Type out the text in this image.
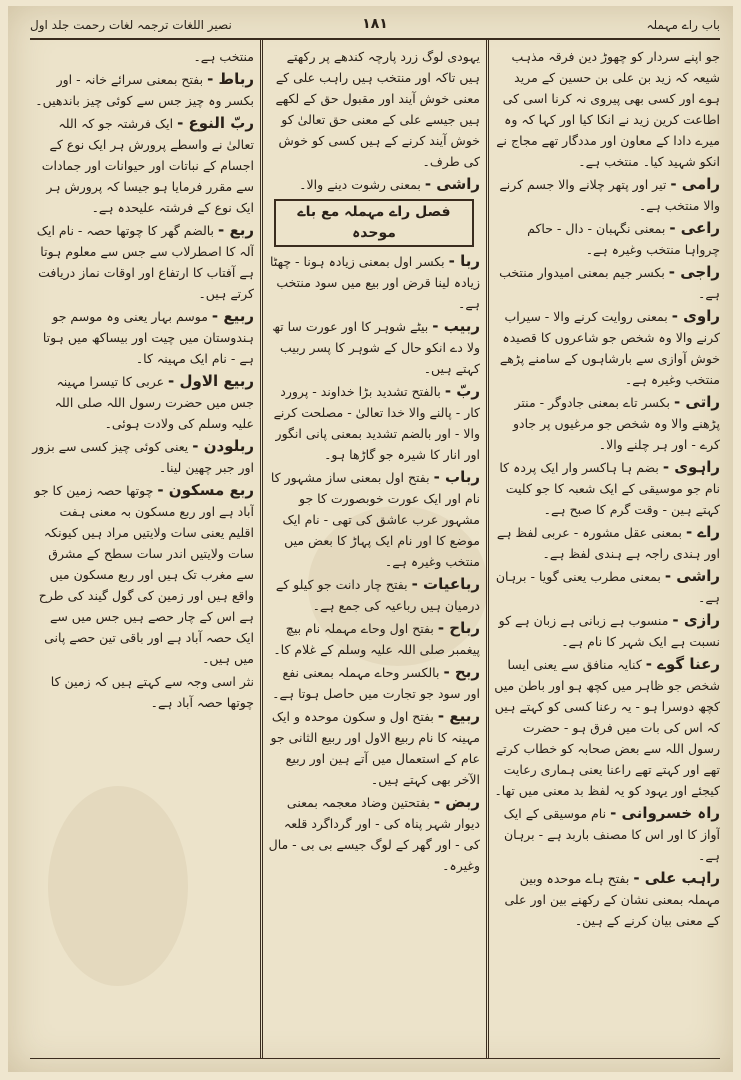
باب راے مہملہ
۱۸۱
نصیر اللغات ترجمہ لغات رحمت جلد اول
جو اپنے سردار کو چھوڑ دین فرقہ مذہب شیعہ کہ زید بن علی بن حسین کے مرید ہوے اور کسی بھی پیروی نہ کرنا اسی کی اطاعت کرین زید نے انکا کیا اور کہا کہ وہ میرے دادا کے معاون اور مددگار تھے مجاج نے انکو شہید کیا۔ منتخب ہے۔
رامی - تیر اور پتھر چلانے والا جسم کرنے والا منتخب ہے۔
راعی - بمعنی نگہبان - دال - حاکم چرواہا منتخب وغیرہ ہے۔
راجی - بکسر جیم بمعنی امیدوار منتخب ہے۔
راوی - بمعنی روایت کرنے والا - سیراب کرنے والا وہ شخص جو شاعروں کا قصیدہ خوش آوازی سے بارشاہوں کے سامنے پڑھے منتخب وغیرہ ہے۔
راتی - بکسر تاے بمعنی جادوگر - منتر پڑھنے والا وہ شخص جو مرغیوں پر جادو کرے - اور ہر چلنے والا۔
راہوی - بضم ہا ہاکسر وار ایک پردہ کا نام جو موسیقی کے ایک شعبہ کا جو کلیت کہتے ہین - وقت گرم کا صبح ہے۔
راے - بمعنی عقل مشورہ - عربی لفظ ہے اور ہندی راجہ ہے ہندی لفظ ہے۔
راشی - بمعنی مطرب یعنی گویا - برہان ہے۔
رازی - منسوب ہے زبانی ہے زبان ہے کو نسبت ہے ایک شہر کا نام ہے۔
رعنا گوے - کنایہ منافق سے یعنی ایسا شخص جو ظاہر میں کچھ ہو اور باطن میں کچھ دوسرا ہو - یہ رعنا کسی کو کہتے ہیں کہ اس کی بات میں فرق ہو - حضرت رسول اللہ سے بعض صحابہ کو خطاب کرتے تھے اور کہتے تھے راعنا یعنی ہماری رعایت کیجئے اور یہود کو یہ لفظ بد معنی میں تھا۔
راہ خسروانی - نام موسیقی کے ایک آواز کا اور اس کا مصنف باربد ہے - برہان ہے۔
راہب علی - بفتح ہاے موحدہ وبین مہملہ بمعنی نشان کے رکھنے بین اور علی کے معنی بیان کرنے کے ہین۔
یہودی لوگ زرد پارچہ کندھے پر رکھتے ہیں تاکہ اور منتخب ہیں راہب علی کے معنی خوش آیند اور مقبول حق کے لکھے ہیں جیسے علی کے معنی حق تعالیٰ کو خوش آیند کرنے کے ہیں کسی کو خوش کی طرف۔
راشی - بمعنی رشوت دینے والا۔
فصل راے مہملہ مع باے موحدہ
ربا - بکسر اول بمعنی زیادہ ہونا - چھٹا زیادہ لینا قرض اور بیع میں سود منتخب ہے۔
ربیب - بیٹے شوہر کا اور عورت سا تھ ولا دے انکو حال کے شوہر کا پسر ربیب کہتے ہیں۔
ربّ - بالفتح تشدید بڑا خداوند - پرورد کار - پالنے والا خدا تعالیٰ - مصلحت کرنے والا - اور بالضم تشدید بمعنی پانی انگور اور انار کا شیرہ جو گاڑھا ہو۔
رباب - بفتح اول بمعنی ساز مشہور کا نام اور ایک عورت خوبصورت کا جو مشہور عرب عاشق کی تھی - نام ایک موضع کا اور نام ایک پہاڑ کا بعض میں منتخب وغیرہ ہے۔
رباعیات - بفتح چار دانت جو کیلو کے درمیان ہیں رباعیہ کی جمع ہے۔
رباح - بفتح اول وحاے مہملہ نام بیچ پیغمبر صلی اللہ علیہ وسلم کے غلام کا۔
ربح - بالکسر وحاے مہملہ بمعنی نفع اور سود جو تجارت میں حاصل ہوتا ہے۔
ربیع - بفتح اول و سکون موحدہ و ایک مہینہ کا نام ربیع الاول اور ربیع الثانی جو عام کے استعمال میں آتے ہین اور ربیع الآخر بھی کہتے ہیں۔
ربض - بفتحتین وضاد معجمہ بمعنی دیوار شہر پناہ کی - اور گرداگرد قلعہ کی - اور گھر کے لوگ جیسے بی بی - مال وغیرہ۔
منتخب ہے۔
رباط - بفتح بمعنی سرائے خانہ - اور بکسر وہ چیز جس سے کوئی چیز باندھیں۔
ربّ النوع - ایک فرشتہ جو کہ اللہ تعالیٰ نے واسطے پرورش ہر ایک نوع کے اجسام کے نباتات اور حیوانات اور جمادات سے مقرر فرمایا ہو جیسا کہ پرورش ہر ایک نوع کے فرشتہ علیحدہ ہے۔
ربع - بالضم گھر کا چوتھا حصہ - نام ایک آلہ کا اصطرلاب سے جس سے معلوم ہوتا ہے آفتاب کا ارتفاع اور اوقات نماز دریافت کرتے ہیں۔
ربیع - موسم بہار یعنی وہ موسم جو ہندوستان میں چیت اور بیساکھ میں ہوتا ہے - نام ایک مہینہ کا۔
ربیع الاول - عربی کا تیسرا مہینہ جس میں حضرت رسول اللہ صلی اللہ علیہ وسلم کی ولادت ہوئی۔
ربلودن - یعنی کوئی چیز کسی سے بزور اور جبر چھین لینا۔
ربع مسکون - چوتھا حصہ زمین کا جو آباد ہے اور ربع مسکون بہ معنی ہفت اقلیم یعنی سات ولایتیں مراد ہیں کیونکہ سات ولایتیں اندر سات سطح کے مشرق سے مغرب تک ہیں اور ربع مسکون میں واقع ہیں اور زمین کی گول گیند کی طرح ہے اس کے چار حصے ہیں جس میں سے ایک حصہ آباد ہے اور باقی تین حصے پانی میں ہیں۔
نثر اسی وجہ سے کہتے ہیں کہ زمین کا چوتھا حصہ آباد ہے۔
